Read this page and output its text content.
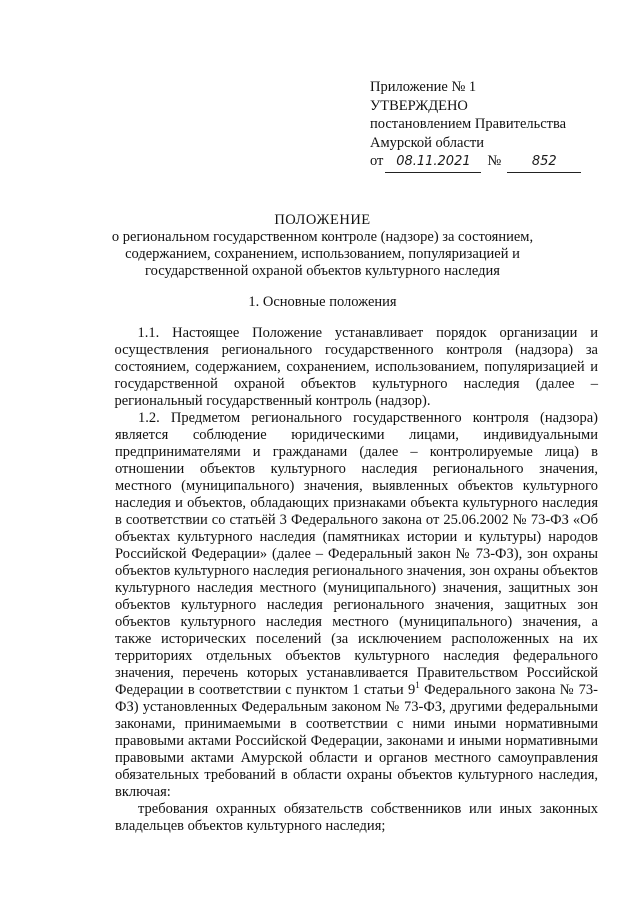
Приложение № 1
УТВЕРЖДЕНО
постановлением Правительства
Амурской области
от 08.11.2021	№	852
ПОЛОЖЕНИЕ
о региональном государственном контроле (надзоре) за состоянием,
содержанием, сохранением, использованием, популяризацией и
государственной охраной объектов культурного наследия
1. Основные положения

1.1. Настоящее Положение устанавливает порядок организации и осуществления регионального государственного контроля (надзора) за состоянием, содержанием, сохранением, использованием, популяризацией и государственной охраной объектов культурного наследия (далее – региональный государственный контроль (надзор).

1.2. Предметом регионального государственного контроля (надзора) является соблюдение юридическими лицами, индивидуальными предпринимателями и гражданами (далее – контролируемые лица) в отношении объектов культурного наследия регионального значения, местного (муниципального) значения, выявленных объектов культурного наследия и объектов, обладающих признаками объекта культурного наследия в соответствии со статьёй 3 Федерального закона от 25.06.2002 № 73-ФЗ «Об объектах культурного наследия (памятниках истории и культуры) народов Российской Федерации» (далее – Федеральный закон № 73-ФЗ), зон охраны объектов культурного наследия регионального значения, зон охраны объектов культурного наследия местного (муниципального) значения, защитных зон объектов культурного наследия регионального значения, защитных зон объектов культурного наследия местного (муниципального) значения, а также исторических поселений (за исключением расположенных на их территориях отдельных объектов культурного наследия федерального значения, перечень которых устанавливается Правительством Российской Федерации в соответствии с пунктом 1 статьи $9^1$ Федерального закона № 73-ФЗ) установленных Федеральным законом № 73-ФЗ, другими федеральными законами, принимаемыми в соответствии с ними иными нормативными правовыми актами Российской Федерации, законами и иными нормативными правовыми актами Амурской области и органов местного самоуправления обязательных требований в области охраны объектов культурного наследия, включая:

требования охранных обязательств собственников или иных законных владельцев объектов культурного наследия;
